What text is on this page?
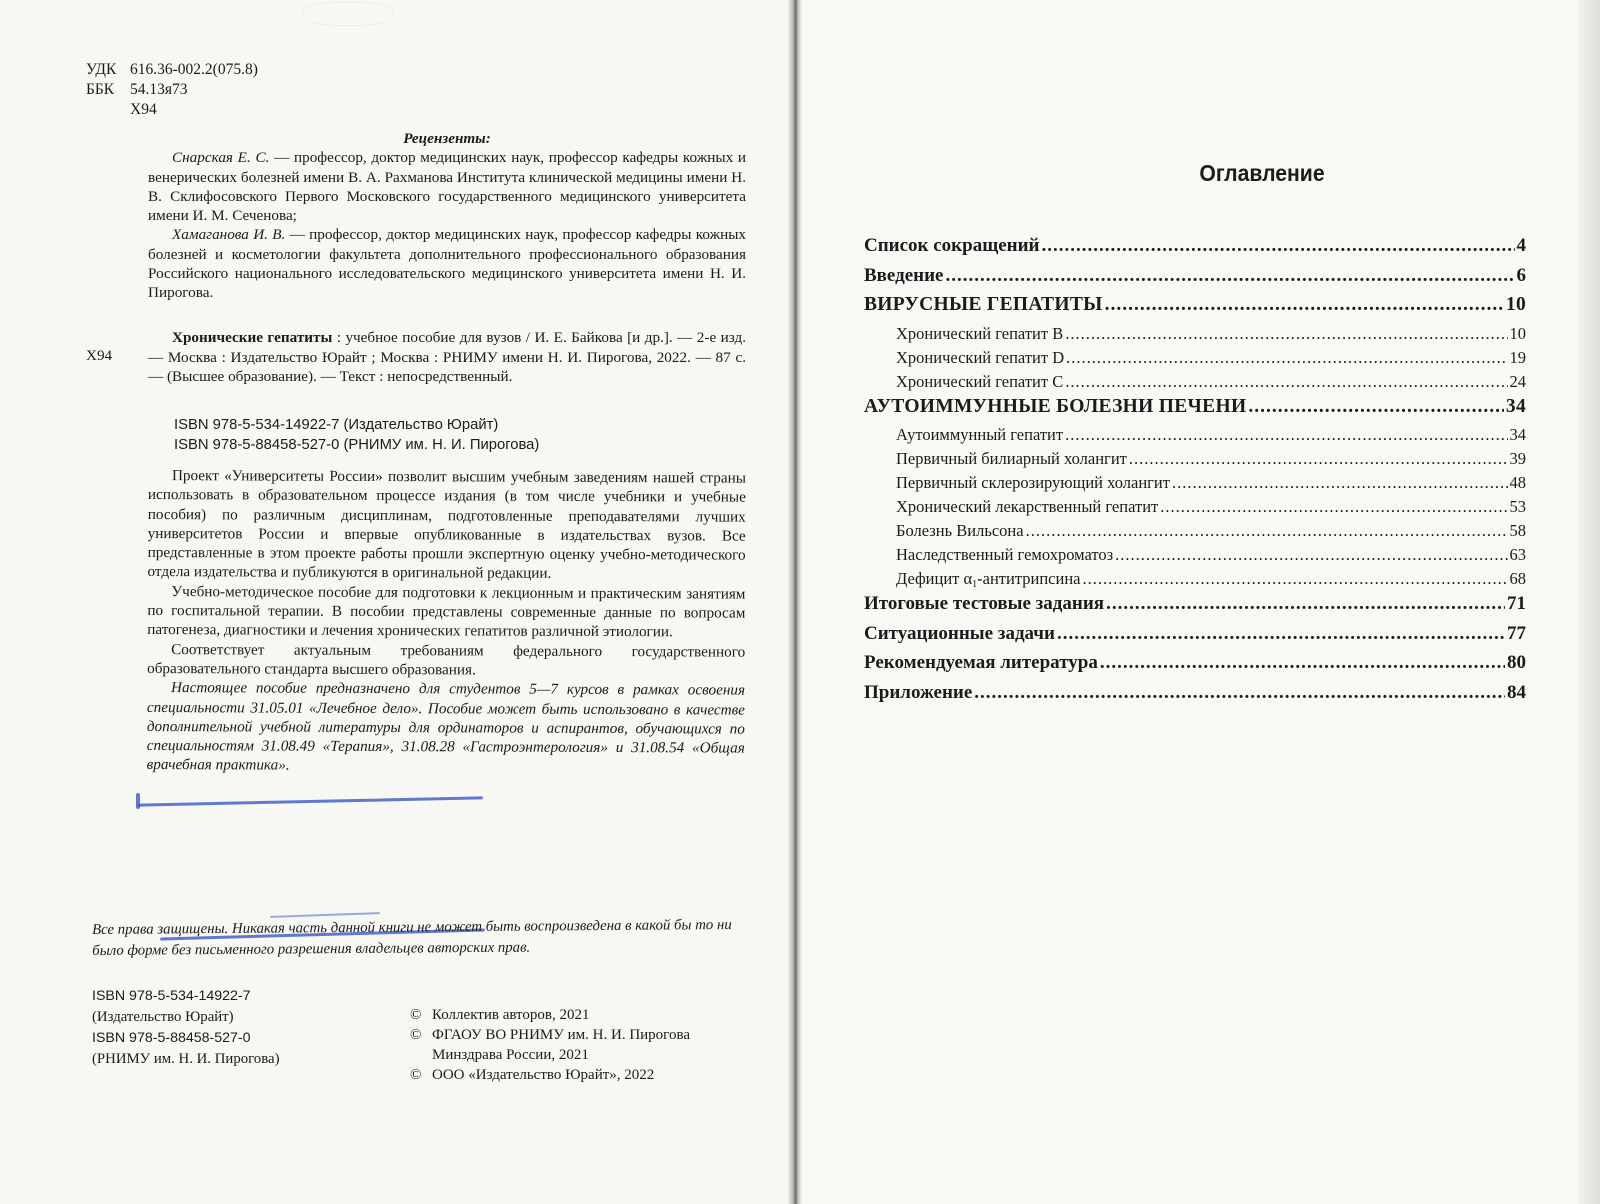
УДК 616.36-002.2(075.8)
ББК 54.13я73
Х94
Рецензенты:

Снарская Е. С. — профессор, доктор медицинских наук, профессор кафедры кожных и венерических болезней имени В. А. Рахманова Института клинической медицины имени Н. В. Склифосовского Первого Московского государственного медицинского университета имени И. М. Сеченова;

Хамаганова И. В. — профессор, доктор медицинских наук, профессор кафедры кожных болезней и косметологии факультета дополнительного профессионального образования Российского национального исследовательского медицинского университета имени Н. И. Пирогова.

Х94

Хронические гепатиты : учебное пособие для вузов / И. Е. Байкова [и др.]. — 2-е изд. — Москва : Издательство Юрайт ; Москва : РНИМУ имени Н. И. Пирогова, 2022. — 87 с. — (Высшее образование). — Текст : непосредственный.

ISBN 978-5-534-14922-7 (Издательство Юрайт)
ISBN 978-5-88458-527-0 (РНИМУ им. Н. И. Пирогова)

Проект «Университеты России» позволит высшим учебным заведениям нашей страны использовать в образовательном процессе издания (в том числе учебники и учебные пособия) по различным дисциплинам, подготовленные преподавателями лучших университетов России и впервые опубликованные в издательствах вузов. Все представленные в этом проекте работы прошли экспертную оценку учебно-методического отдела издательства и публикуются в оригинальной редакции.

Учебно-методическое пособие для подготовки к лекционным и практическим занятиям по госпитальной терапии. В пособии представлены современные данные по вопросам патогенеза, диагностики и лечения хронических гепатитов различной этиологии.

Соответствует актуальным требованиям федерального государственного образовательного стандарта высшего образования.

Настоящее пособие предназначено для студентов 5—7 курсов в рамках освоения специальности 31.05.01 «Лечебное дело». Пособие может быть использовано в качестве дополнительной учебной литературы для ординаторов и аспирантов, обучающихся по специальностям 31.08.49 «Терапия», 31.08.28 «Гастроэнтерология» и 31.08.54 «Общая врачебная практика».

Все права защищены. Никакая часть данной книги не может быть воспроизведена в какой бы то ни было форме без письменного разрешения владельцев авторских прав.
ISBN 978-5-534-14922-7
(Издательство Юрайт)
ISBN 978-5-88458-527-0
(РНИМУ им. Н. И. Пирогова)
© Коллектив авторов, 2021
© ФГАОУ ВО РНИМУ им. Н. И. Пирогова
Минздрава России, 2021
© ООО «Издательство Юрайт», 2022
Оглавление
Список сокращений .....	4
Введение .....	6
ВИРУСНЫЕ ГЕПАТИТЫ .....	10
Хронический гепатит В .....	10
Хронический гепатит D .....	19
Хронический гепатит С .....	24
АУТОИММУННЫЕ БОЛЕЗНИ ПЕЧЕНИ .....	34
Аутоиммунный гепатит .....	34
Первичный билиарный холангит .....	39
Первичный склерозирующий холангит .....	48
Хронический лекарственный гепатит .....	53
Болезнь Вильсона .....	58
Наследственный гемохроматоз .....	63
Дефицит α1-антитрипсина .....	68
Итоговые тестовые задания .....	71
Ситуационные задачи .....	77
Рекомендуемая литература .....	80
Приложение .....	84
